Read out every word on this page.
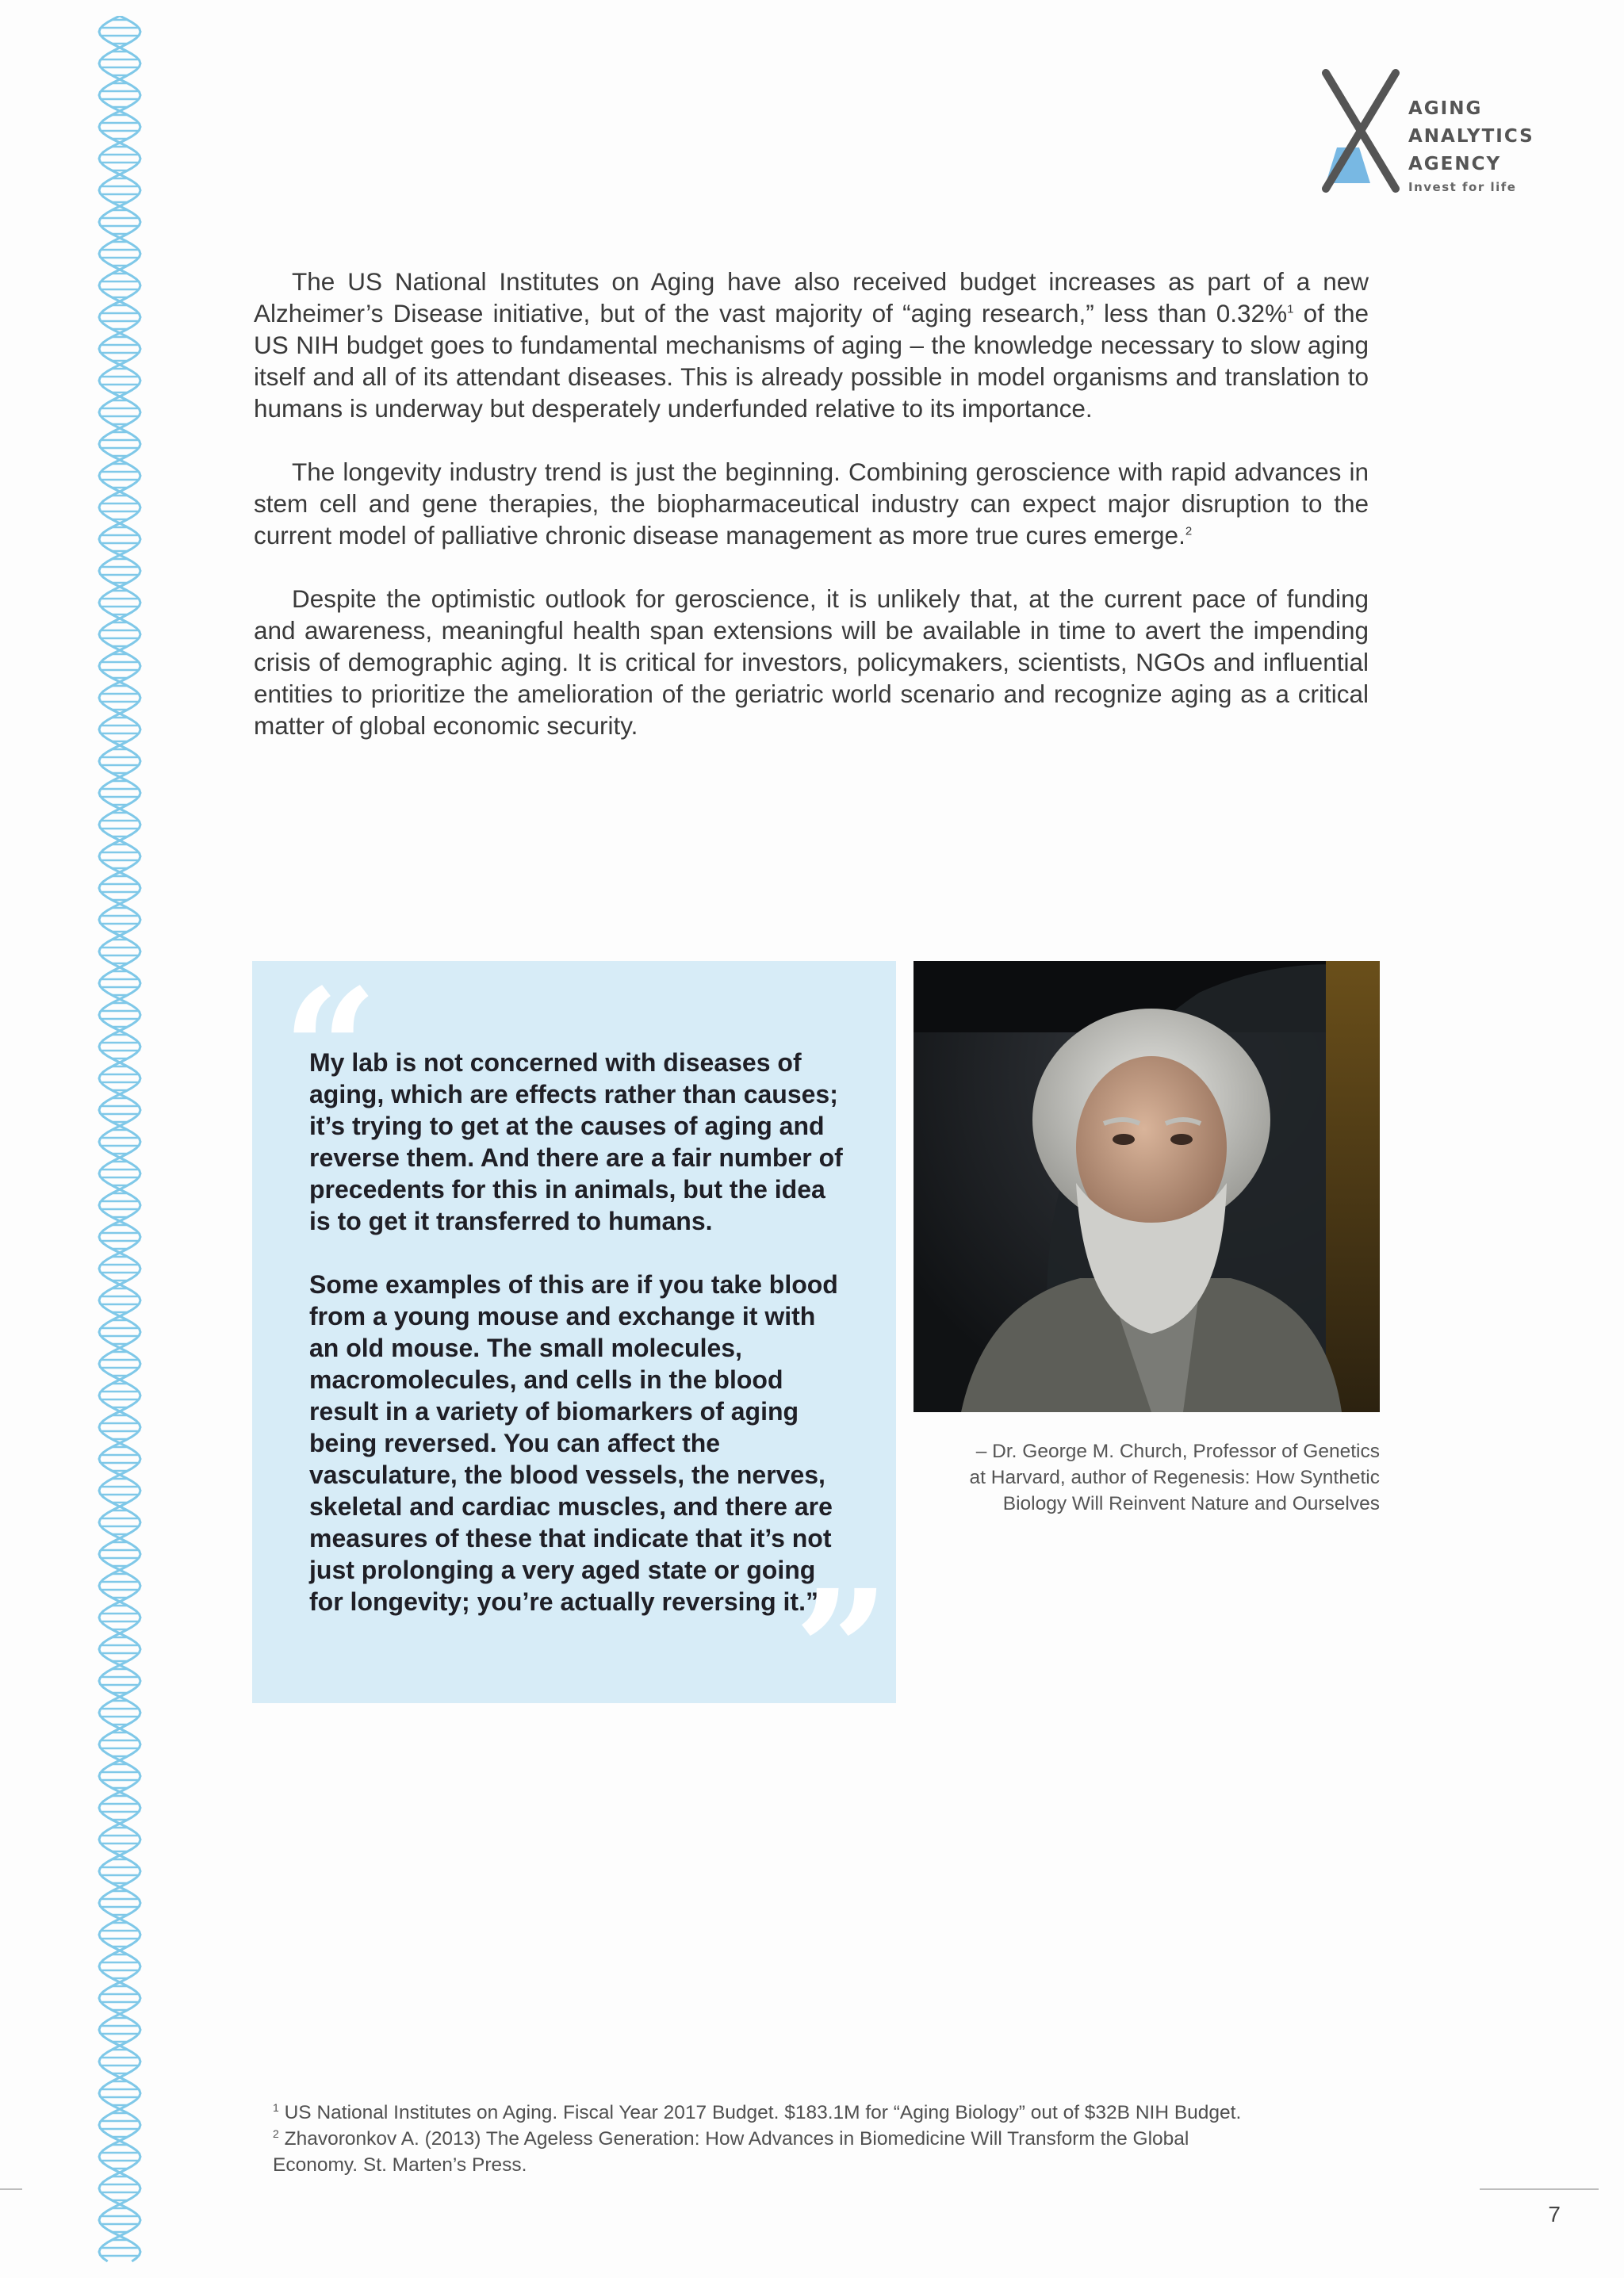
AGING
ANALYTICS
AGENCY
Invest for life

The US National Institutes on Aging have also received budget increases as part of a new Alzheimer’s Disease initiative, but of the vast majority of “aging research,” less than 0.32%$^1$ of the US NIH budget goes to fundamental mechanisms of aging – the knowledge necessary to slow aging itself and all of its attendant diseases. This is already possible in model organisms and translation to humans is underway but desperately underfunded relative to its importance.

The longevity industry trend is just the beginning. Combining geroscience with rapid advances in stem cell and gene therapies, the biopharmaceutical industry can expect major disruption to the current model of palliative chronic disease management as more true cures emerge.$^2$

Despite the optimistic outlook for geroscience, it is unlikely that, at the current pace of funding and awareness, meaningful health span extensions will be available in time to avert the impending crisis of demographic aging. It is critical for investors, policymakers, scientists, NGOs and influential entities to prioritize the amelioration of the geriatric world scenario and recognize aging as a critical matter of global economic security.

“

My lab is not concerned with diseases of aging, which are effects rather than causes; it’s trying to get at the causes of aging and reverse them. And there are a fair number of precedents for this in animals, but the idea is to get it transferred to humans.

Some examples of this are if you take blood from a young mouse and exchange it with an old mouse. The small molecules, macromolecules, and cells in the blood result in a variety of biomarkers of aging being reversed. You can affect the vasculature, the blood vessels, the nerves, skeletal and cardiac muscles, and there are measures of these that indicate that it’s not just prolonging a very aged state or going for longevity; you’re actually reversing it.”

”
– Dr. George M. Church, Professor of Genetics
at Harvard, author of Regenesis: How Synthetic
Biology Will Reinvent Nature and Ourselves

$^1$ US National Institutes on Aging. Fiscal Year 2017 Budget. $183.1M for “Aging Biology” out of $32B NIH Budget.

$^2$ Zhavoronkov A. (2013) The Ageless Generation: How Advances in Biomedicine Will Transform the Global

Economy. St. Marten’s Press.

7
